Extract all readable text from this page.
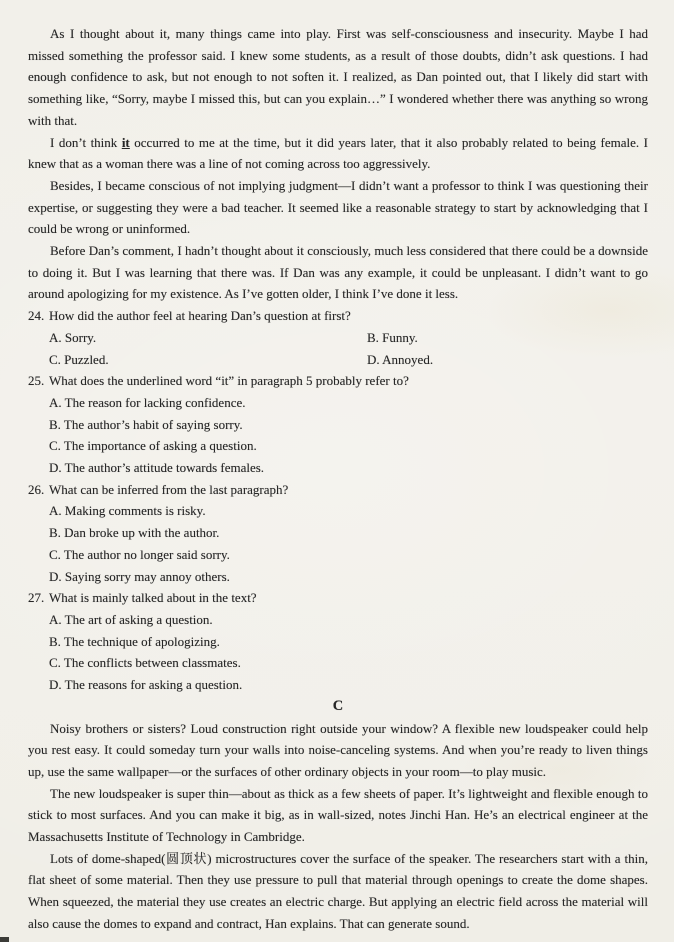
As I thought about it, many things came into play. First was self-consciousness and insecurity. Maybe I had missed something the professor said. I knew some students, as a result of those doubts, didn’t ask questions. I had enough confidence to ask, but not enough to not soften it. I realized, as Dan pointed out, that I likely did start with something like, “Sorry, maybe I missed this, but can you explain…” I wondered whether there was anything so wrong with that.

I don’t think it occurred to me at the time, but it did years later, that it also probably related to being female. I knew that as a woman there was a line of not coming across too aggressively.

Besides, I became conscious of not implying judgment—I didn’t want a professor to think I was questioning their expertise, or suggesting they were a bad teacher. It seemed like a reasonable strategy to start by acknowledging that I could be wrong or uninformed.

Before Dan’s comment, I hadn’t thought about it consciously, much less considered that there could be a downside to doing it. But I was learning that there was. If Dan was any example, it could be unpleasant. I didn’t want to go around apologizing for my existence. As I’ve gotten older, I think I’ve done it less.

24. How did the author feel at hearing Dan’s question at first?
A. Sorry.	B. Funny.
C. Puzzled.	D. Annoyed.
25. What does the underlined word “it” in paragraph 5 probably refer to?
A. The reason for lacking confidence.
B. The author’s habit of saying sorry.
C. The importance of asking a question.
D. The author’s attitude towards females.
26. What can be inferred from the last paragraph?
A. Making comments is risky.
B. Dan broke up with the author.
C. The author no longer said sorry.
D. Saying sorry may annoy others.
27. What is mainly talked about in the text?
A. The art of asking a question.
B. The technique of apologizing.
C. The conflicts between classmates.
D. The reasons for asking a question.
C

Noisy brothers or sisters? Loud construction right outside your window? A flexible new loudspeaker could help you rest easy. It could someday turn your walls into noise-canceling systems. And when you’re ready to liven things up, use the same wallpaper—or the surfaces of other ordinary objects in your room—to play music.

The new loudspeaker is super thin—about as thick as a few sheets of paper. It’s lightweight and flexible enough to stick to most surfaces. And you can make it big, as in wall-sized, notes Jinchi Han. He’s an electrical engineer at the Massachusetts Institute of Technology in Cambridge.

Lots of dome-shaped(圆顶状) microstructures cover the surface of the speaker. The researchers start with a thin, flat sheet of some material. Then they use pressure to pull that material through openings to create the dome shapes. When squeezed, the material they use creates an electric charge. But applying an electric field across the material will also cause the domes to expand and contract, Han explains. That can generate sound.
